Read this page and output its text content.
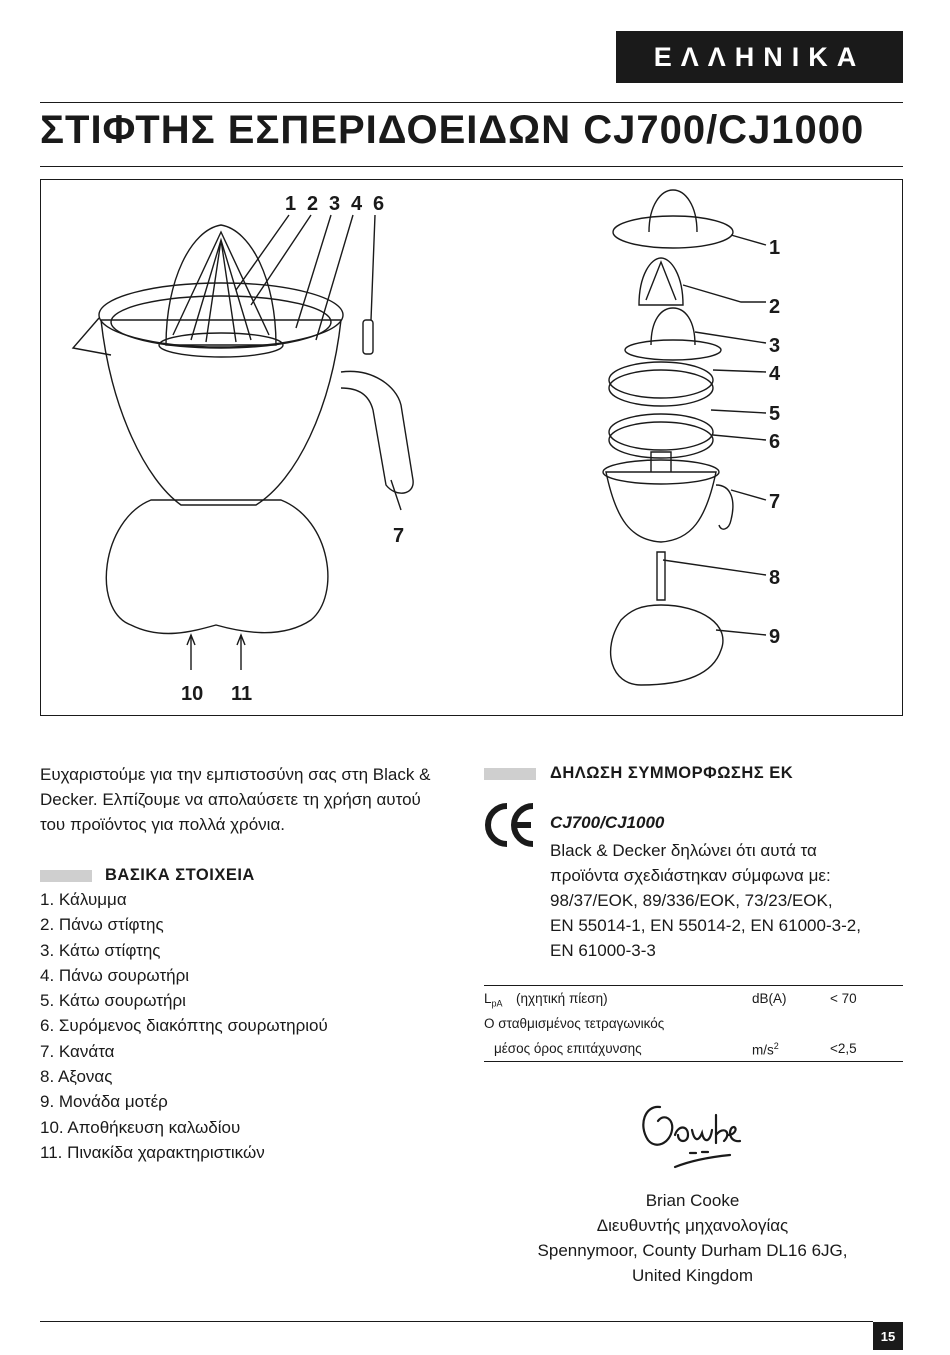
ΕΛΛΗΝΙΚΑ
ΣΤΙΦΤΗΣ ΕΣΠΕΡΙΔΟΕΙΔΩΝ CJ700/CJ1000
1 2 3 4 6
7
10 11
1
2
3
4
5
6
7
8
9
Ευχαριστούμε για την εμπιστοσύνη σας στη Black & Decker. Ελπίζουμε να απολαύσετε τη χρήση αυτού του προϊόντος για πολλά χρόνια.
ΒΑΣΙΚΑ ΣΤΟΙΧΕΙΑ
1. Κάλυμμα
2. Πάνω στίφτης
3. Κάτω στίφτης
4. Πάνω σουρωτήρι
5. Κάτω σουρωτήρι
6. Συρόμενος διακόπτης σουρωτηριού
7. Κανάτα
8. Αξονας
9. Μονάδα μοτέρ
10. Αποθήκευση καλωδίου
11. Πινακίδα χαρακτηριστικών
ΔΗΛΩΣΗ ΣΥΜΜΟΡΦΩΣΗΣ ΕΚ
CJ700/CJ1000
Black & Decker δηλώνει ότι αυτά τα
προϊόντα σχεδιάστηκαν σύμφωνα με:
98/37/ΕΟΚ, 89/336/ΕΟΚ, 73/23/ΕΟΚ,
EN 55014-1, EN 55014-2, EN 61000-3-2,
EN 61000-3-3
$L_{pA}$ (ηχητική πίεση)	dB(A)	< 70
Ο σταθμισμένος τετραγωνικός
μέσος όρος επιτάχυνσης	$m/s^2$	<2,5
Brian Cooke
Διευθυντής μηχανολογίας
Spennymoor, County Durham DL16 6JG,
United Kingdom
15
